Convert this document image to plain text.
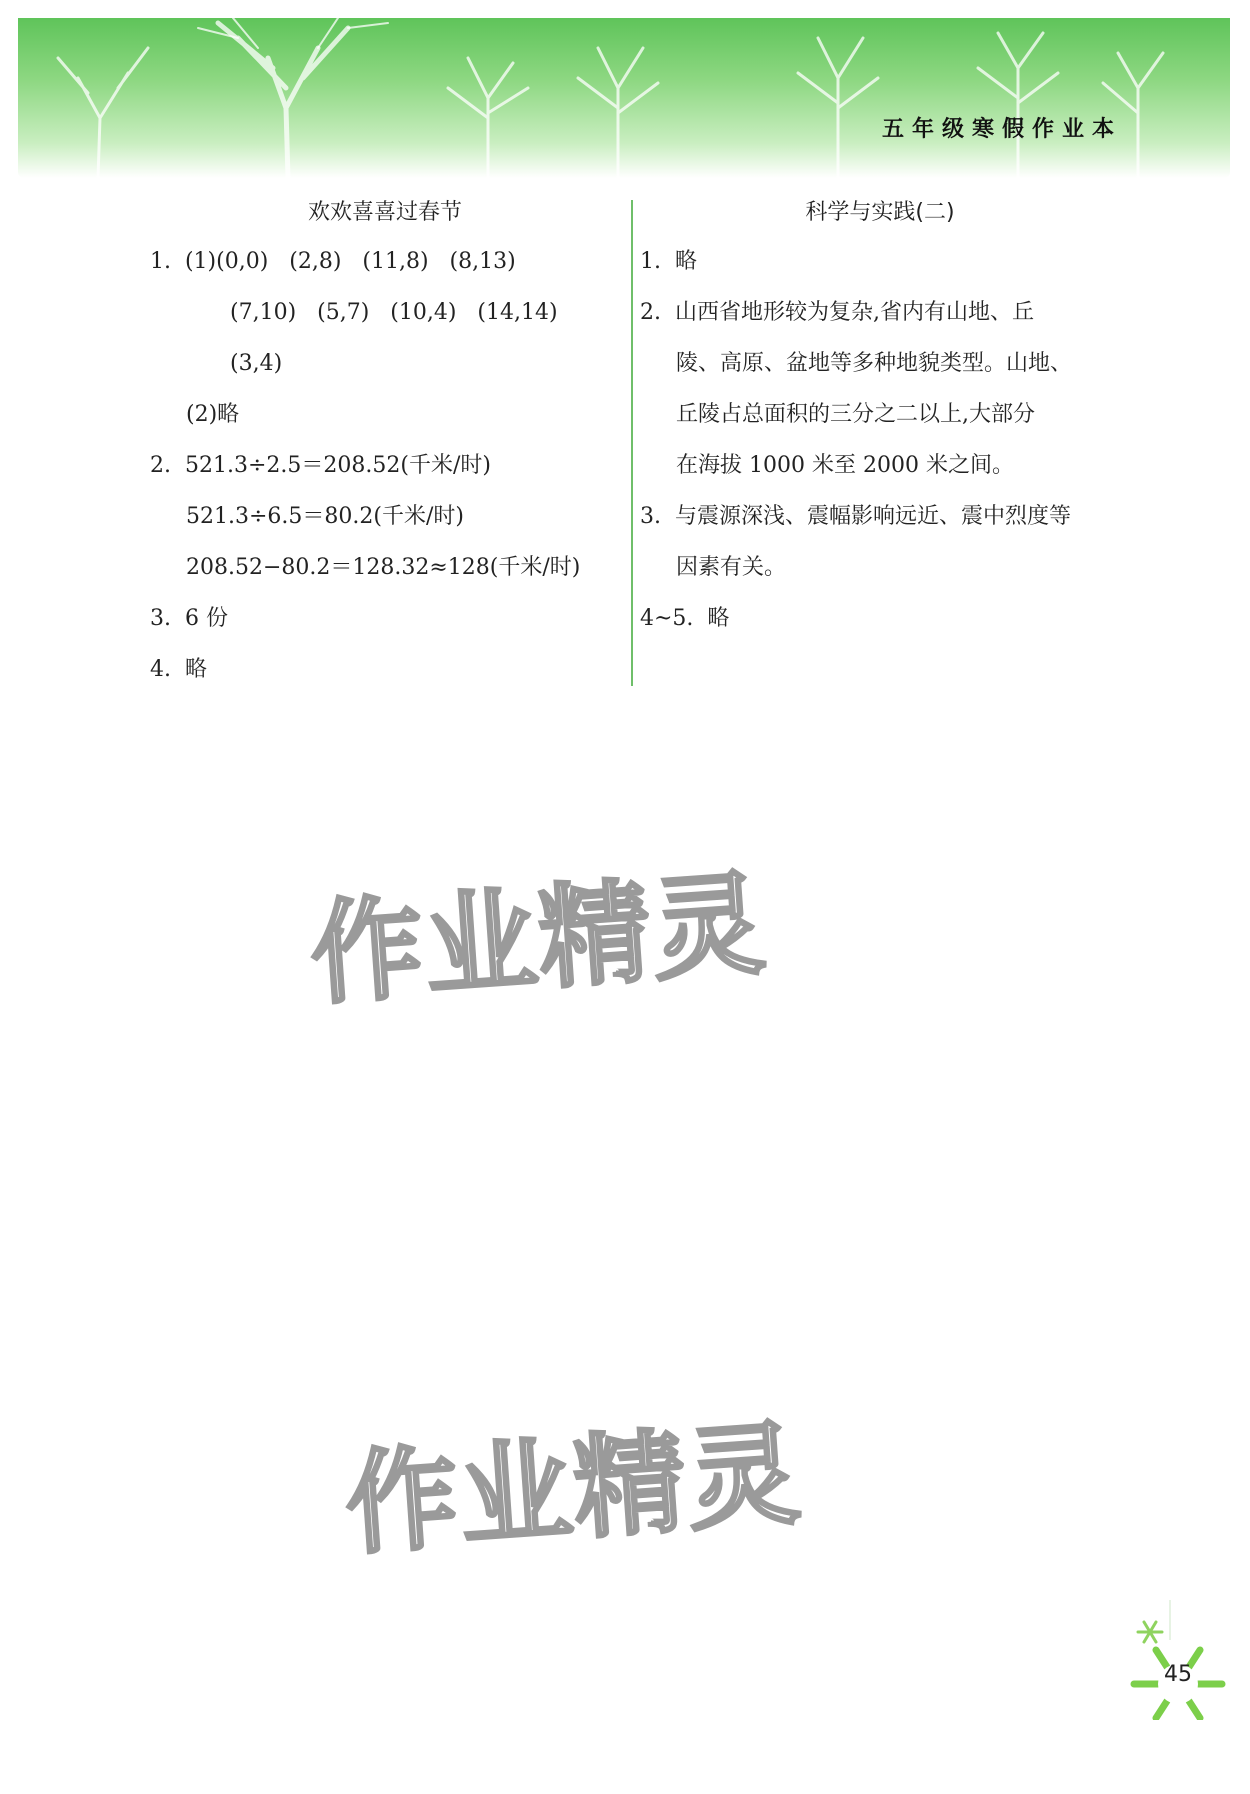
五年级寒假作业本
欢欢喜喜过春节
1.  (1)(0,0)   (2,8)   (11,8)   (8,13)
(7,10)   (5,7)   (10,4)   (14,14)
(3,4)
(2)略
2.  521.3÷2.5＝208.52(千米/时)
521.3÷6.5＝80.2(千米/时)
208.52−80.2＝128.32≈128(千米/时)
3.  6 份
4.  略
科学与实践(二)
1.  略
2.  山西省地形较为复杂,省内有山地、丘
陵、高原、盆地等多种地貌类型。山地、
丘陵占总面积的三分之二以上,大部分
在海拔 1000 米至 2000 米之间。
3.  与震源深浅、震幅影响远近、震中烈度等
因素有关。
4~5.  略
作业精灵
作业精灵
45
